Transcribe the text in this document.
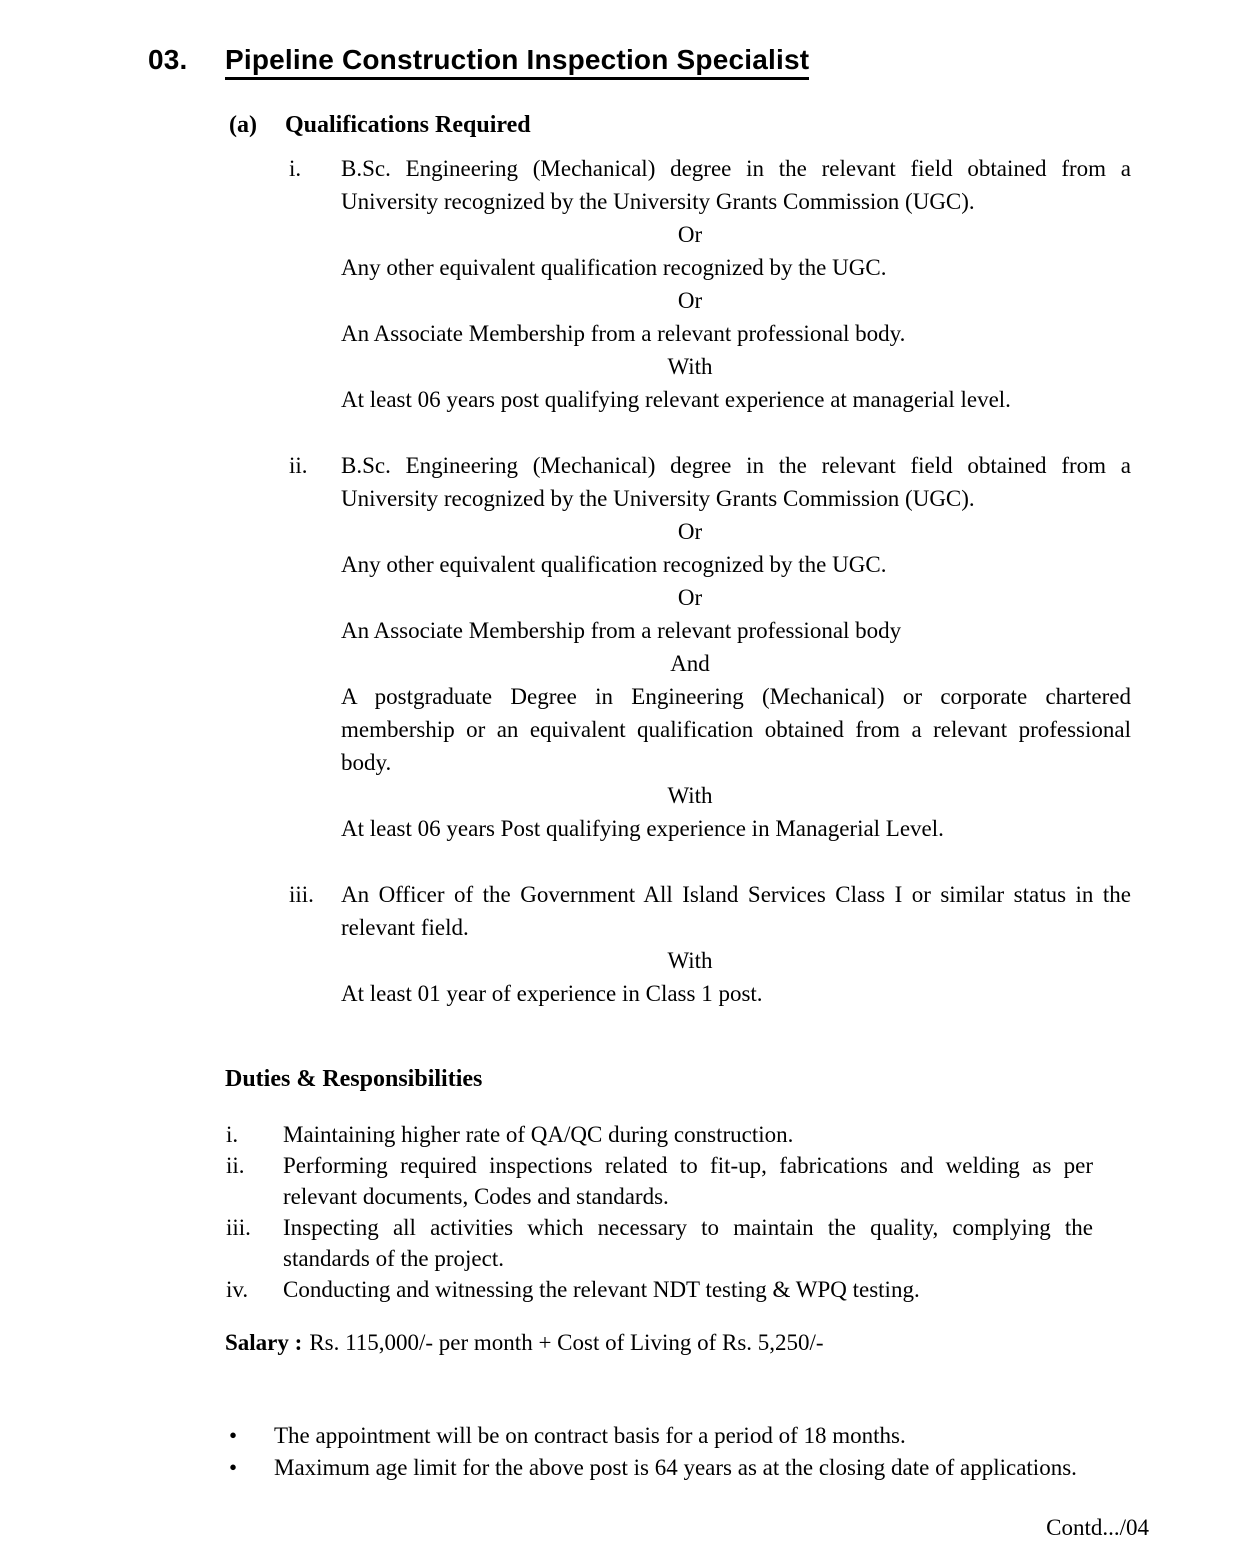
03.	Pipeline Construction Inspection Specialist
(a)	Qualifications Required
i.	B.Sc. Engineering (Mechanical) degree in the relevant field obtained from a University recognized by the University Grants Commission (UGC).
Or
Any other equivalent qualification recognized by the UGC.
Or
An Associate Membership from a relevant professional body.
With
At least 06 years post qualifying relevant experience at managerial level.
ii.	B.Sc. Engineering (Mechanical) degree in the relevant field obtained from a University recognized by the University Grants Commission (UGC).
Or
Any other equivalent qualification recognized by the UGC.
Or
An Associate Membership from a relevant professional body
And
A postgraduate Degree in Engineering (Mechanical) or corporate chartered membership or an equivalent qualification obtained from a relevant professional body.
With
At least 06 years Post qualifying experience in Managerial Level.
iii.	An Officer of the Government All Island Services Class I or similar status in the relevant field.
With
At least 01 year of experience in Class 1 post.
Duties & Responsibilities
i.	Maintaining higher rate of QA/QC during construction.
ii.	Performing required inspections related to fit-up, fabrications and welding as per relevant documents, Codes and standards.
iii.	Inspecting all activities which necessary to maintain the quality, complying the standards of the project.
iv.	Conducting and witnessing the relevant NDT testing & WPQ testing.
Salary : Rs. 115,000/- per month + Cost of Living of Rs. 5,250/-
•	The appointment will be on contract basis for a period of 18 months.
•	Maximum age limit for the above post is 64 years as at the closing date of applications.
Contd.../04
